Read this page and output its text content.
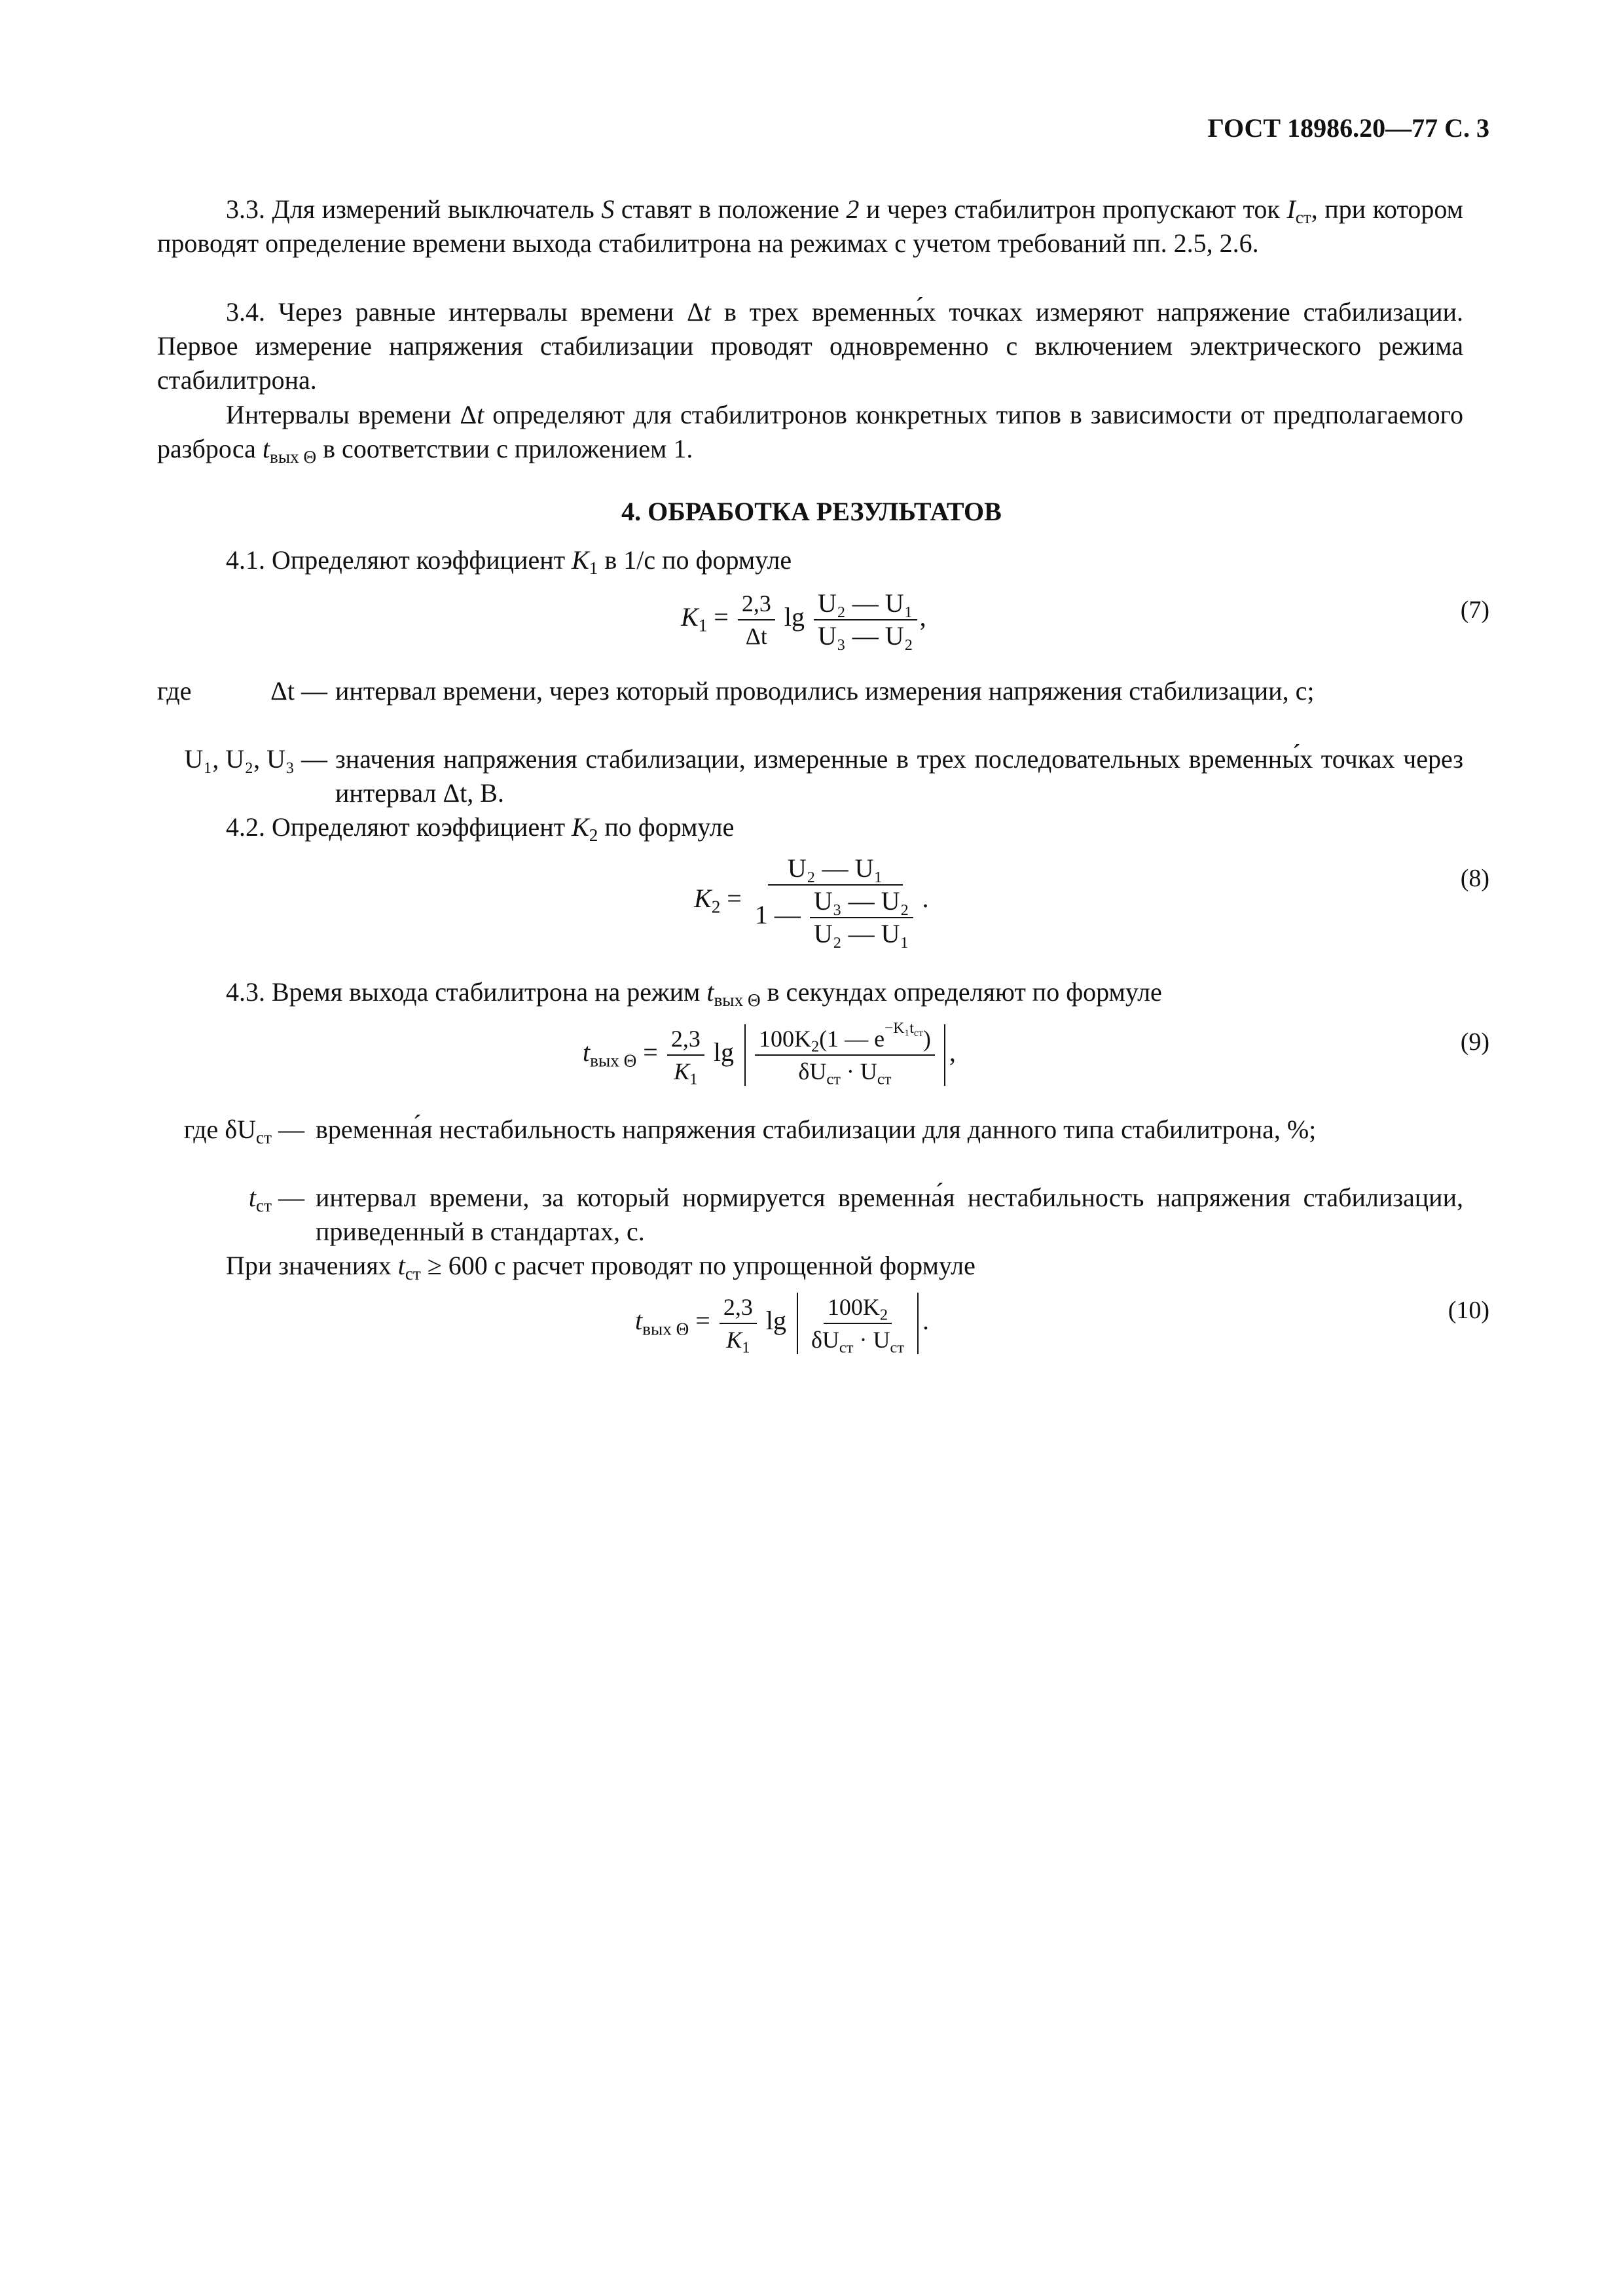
ГОСТ 18986.20—77 С. 3

3.3. Для измерений выключатель S ставят в положение 2 и через стабилитрон пропускают ток $I_{ст}$, при котором проводят определение времени выхода стабилитрона на режимах с учетом требований пп. 2.5, 2.6.

3.4. Через равные интервалы времени Δt в трех временны́х точках измеряют напряжение стабилизации. Первое измерение напряжения стабилизации проводят одновременно с включением электрического режима стабилитрона.

Интервалы времени Δt определяют для стабилитронов конкретных типов в зависимости от предполагаемого разброса $t_{вых \Theta}$ в соответствии с приложением 1.

4. ОБРАБОТКА РЕЗУЛЬТАТОВ

4.1. Определяют коэффициент $K_1$ в 1/с по формуле

$K_1 = \frac{2,3}{\Delta t}$ $\lg \frac{\text{U₂ — U₁}}{\text{U₃ — U₂}}$ ,	(7)
где	Δt — интервал времени, через который проводились измерения напряжения стабилизации, с;
U₁, U₂, U₃ — значения напряжения стабилизации, измеренные в трех последовательных временны́х точках через интервал Δt, В.

4.2. Определяют коэффициент $K_2$ по формуле

$K_2 = \frac{\text{U₂ — U₁}}{1 — \frac{\text{U₃ — U₂}}{\text{U₂ — U₁}}}$ .
(8)

4.3. Время выхода стабилитрона на режим $t_{вых \Theta}$ в секундах определяют по формуле

$t_{вых \Theta} = \frac{2,3}{K_1}$ $\lg \frac{100K_2(1 — e^{-K_1t_{ст}})}{\delta U_{ст} \cdot U_{ст}}$ ,	(9)
где $\delta U_{ст}$ — временна́я нестабильность напряжения стабилизации для данного типа стабилитрона, %;
$t_{ст}$ — интервал времени, за который нормируется временна́я нестабильность напряжения стабилизации, приведенный в стандартах, с.

При значениях $t_{ст} \ge 600$ с расчет проводят по упрощенной формуле

$t_{вых \Theta} = \frac{2,3}{K_1}$ $\lg \frac{100K_2}{\delta U_{ст} \cdot U_{ст}}$ .	(10)
